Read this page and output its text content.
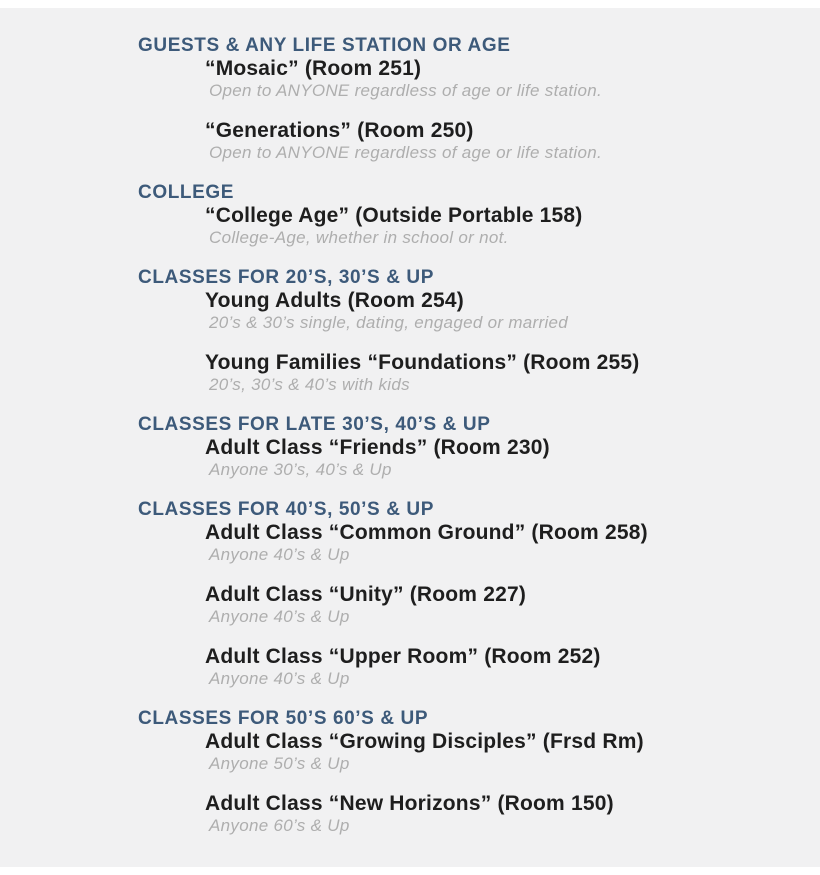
GUESTS & ANY LIFE STATION OR AGE
“Mosaic” (Room 251)
Open to ANYONE regardless of age or life station.
“Generations” (Room 250)
Open to ANYONE regardless of age or life station.
COLLEGE
“College Age” (Outside Portable 158)
College-Age, whether in school or not.
CLASSES FOR 20’S, 30’S & UP
Young Adults (Room 254)
20’s & 30’s single, dating, engaged or married
Young Families “Foundations” (Room 255)
20’s, 30’s & 40’s with kids
CLASSES FOR LATE 30’S, 40’S & UP
Adult Class “Friends” (Room 230)
Anyone 30’s, 40’s & Up
CLASSES FOR 40’S, 50’S & UP
Adult Class “Common Ground” (Room 258)
Anyone 40’s & Up
Adult Class “Unity” (Room 227)
Anyone 40’s & Up
Adult Class “Upper Room” (Room 252)
Anyone 40’s & Up
CLASSES FOR 50’S 60’S & UP
Adult Class “Growing Disciples” (Frsd Rm)
Anyone 50’s & Up
Adult Class “New Horizons” (Room 150)
Anyone 60’s & Up
